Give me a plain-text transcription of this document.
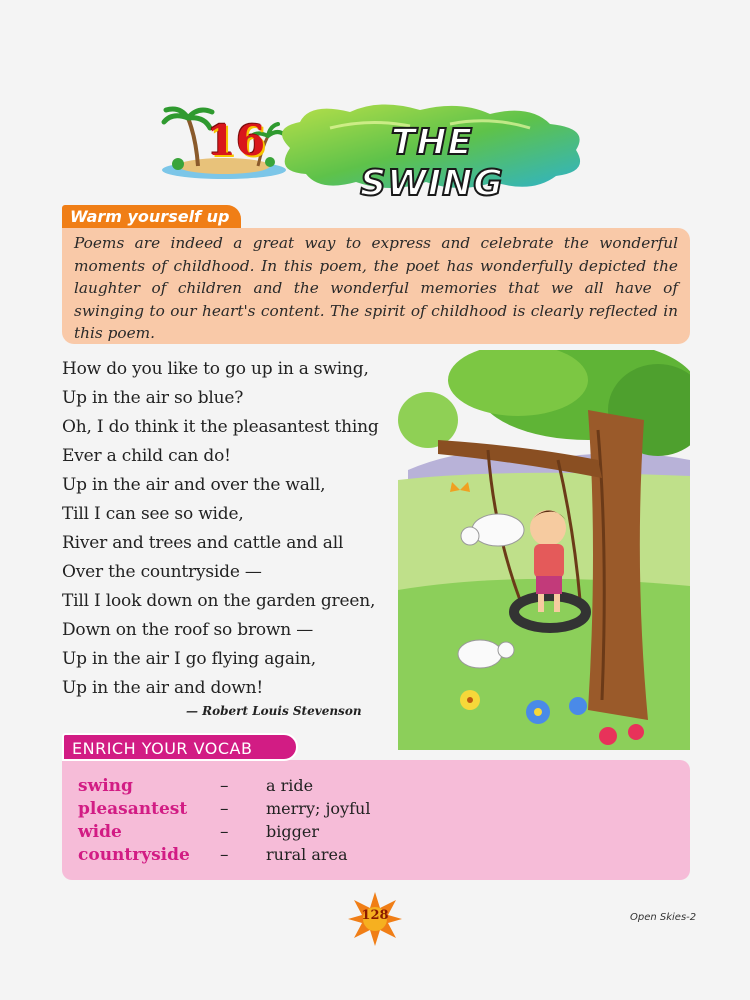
16	THE SWING
Warm yourself up
Poems are indeed a great way to express and celebrate the wonderful moments of childhood. In this poem, the poet has wonderfully depicted the laughter of children and the wonderful memories that we all have of swinging to our heart's content. The spirit of childhood is clearly reflected in this poem.
How do you like to go up in a swing,
Up in the air so blue?
Oh, I do think it the pleasantest thing
Ever a child can do!
Up in the air and over the wall,
Till I can see so wide,
River and trees and cattle and all
Over the countryside —
Till I look down on the garden green,
Down on the roof so brown —
Up in the air I go flying again,
Up in the air and down!
— Robert Louis Stevenson
swing	– a ride
pleasantest – merry; joyful
wide	– bigger
countryside – rural area
ENRICH YOUR VOCAB
128	Open Skies-2
